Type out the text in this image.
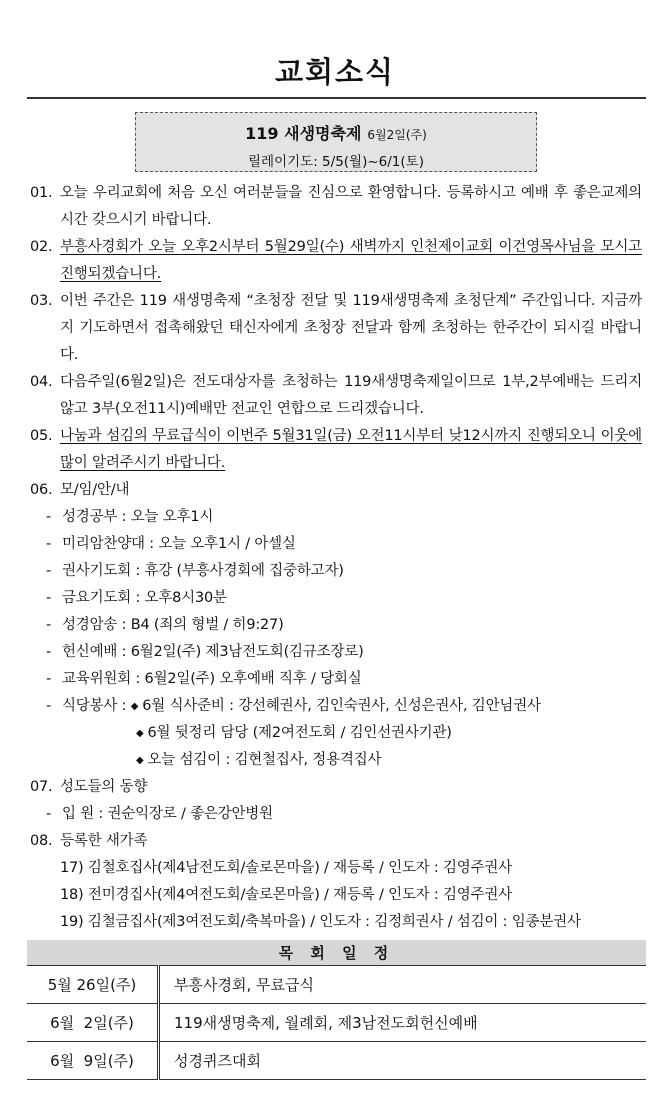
교회소식
119 새생명축제 6월2일(주)
릴레이기도: 5/5(월)~6/1(토)
01. 오늘 우리교회에 처음 오신 여러분들을 진심으로 환영합니다. 등록하시고 예배 후 좋은교제의 시간 갖으시기 바랍니다.
02. 부흥사경회가 오늘 오후2시부터 5월29일(수) 새벽까지 인천제이교회 이건영목사님을 모시고 진행되겠습니다.
03. 이번 주간은 119 새생명축제 “초청장 전달 및 119새생명축제 초청단계” 주간입니다. 지금까지 기도하면서 접촉해왔던 태신자에게 초청장 전달과 함께 초청하는 한주간이 되시길 바랍니다.
04. 다음주일(6월2일)은 전도대상자를 초청하는 119새생명축제일이므로 1부,2부예배는 드리지 않고 3부(오전11시)예배만 전교인 연합으로 드리겠습니다.
05. 나눔과 섬김의 무료급식이 이번주 5월31일(금) 오전11시부터 낮12시까지 진행되오니 이웃에 많이 알려주시기 바랍니다.
06. 모/임/안/내
- 성경공부 : 오늘 오후1시
- 미리암찬양대 : 오늘 오후1시 / 아셀실
- 권사기도회 : 휴강 (부흥사경회에 집중하고자)
- 금요기도회 : 오후8시30분
- 성경암송 : B4 (죄의 형벌 / 히9:27)
- 헌신예배 : 6월2일(주) 제3남전도회(김규조장로)
- 교육위원회 : 6월2일(주) 오후예배 직후 / 당회실
- 식당봉사 : ◆ 6월 식사준비 : 강선혜권사, 김인숙권사, 신성은권사, 김안님권사
◆ 6월 뒷정리 담당 (제2여전도회 / 김인선권사기관)
◆ 오늘 섬김이 : 김현철집사, 정용격집사
07. 성도들의 동향
- 입 원 : 권순익장로 / 좋은강안병원
08. 등록한 새가족
17) 김철호집사(제4남전도회/솔로몬마을) / 재등록 / 인도자 : 김영주권사
18) 전미경집사(제4여전도회/솔로몬마을) / 재등록 / 인도자 : 김영주권사
19) 김철금집사(제3여전도회/축복마을) / 인도자 : 김정희권사 / 섬김이 : 임종분권사
목 회 일 정	
5월 26일(주)	부흥사경회, 무료급식
6월  2일(주)	119새생명축제, 월례회, 제3남전도회헌신예배
6월  9일(주)	성경퀴즈대회
